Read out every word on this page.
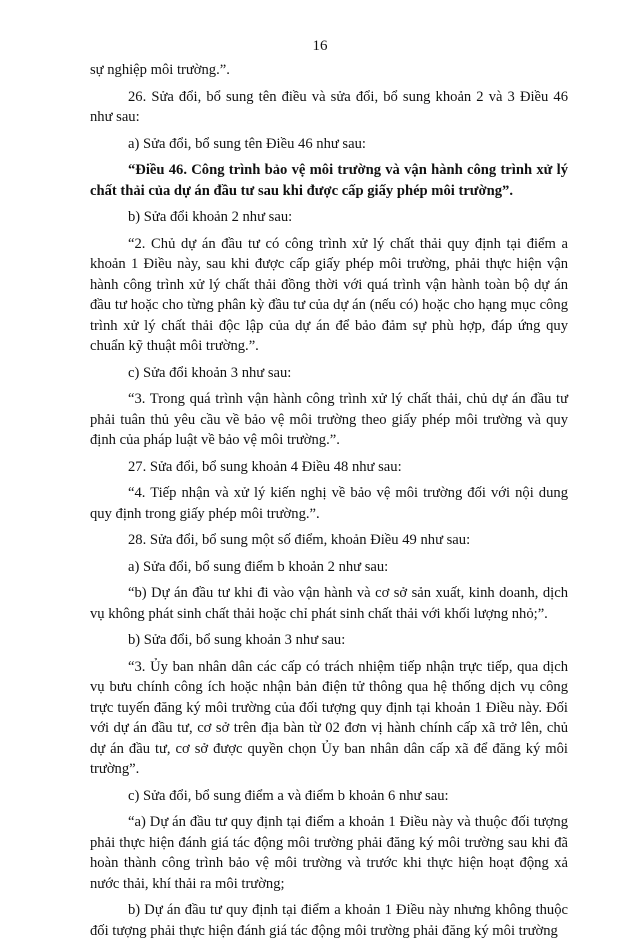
16

sự nghiệp môi trường.”.

26. Sửa đổi, bổ sung tên điều và sửa đổi, bổ sung khoản 2 và 3 Điều 46 như sau:

a) Sửa đổi, bổ sung tên Điều 46 như sau:

“Điều 46. Công trình bảo vệ môi trường và vận hành công trình xử lý chất thải của dự án đầu tư sau khi được cấp giấy phép môi trường”.

b) Sửa đổi khoản 2 như sau:

“2. Chủ dự án đầu tư có công trình xử lý chất thải quy định tại điểm a khoản 1 Điều này, sau khi được cấp giấy phép môi trường, phải thực hiện vận hành công trình xử lý chất thải đồng thời với quá trình vận hành toàn bộ dự án đầu tư hoặc cho từng phân kỳ đầu tư của dự án (nếu có) hoặc cho hạng mục công trình xử lý chất thải độc lập của dự án để bảo đảm sự phù hợp, đáp ứng quy chuẩn kỹ thuật môi trường.”.

c) Sửa đổi khoản 3 như sau:

“3. Trong quá trình vận hành công trình xử lý chất thải, chủ dự án đầu tư phải tuân thủ yêu cầu về bảo vệ môi trường theo giấy phép môi trường và quy định của pháp luật về bảo vệ môi trường.”.

27. Sửa đổi, bổ sung khoản 4 Điều 48 như sau:

“4. Tiếp nhận và xử lý kiến nghị về bảo vệ môi trường đối với nội dung quy định trong giấy phép môi trường.”.

28. Sửa đổi, bổ sung một số điểm, khoản Điều 49 như sau:

a) Sửa đổi, bổ sung điểm b khoản 2 như sau:

“b) Dự án đầu tư khi đi vào vận hành và cơ sở sản xuất, kinh doanh, dịch vụ không phát sinh chất thải hoặc chỉ phát sinh chất thải với khối lượng nhỏ;”.

b) Sửa đổi, bổ sung khoản 3 như sau:

“3. Ủy ban nhân dân các cấp có trách nhiệm tiếp nhận trực tiếp, qua dịch vụ bưu chính công ích hoặc nhận bản điện tử thông qua hệ thống dịch vụ công trực tuyến đăng ký môi trường của đối tượng quy định tại khoản 1 Điều này. Đối với dự án đầu tư, cơ sở trên địa bàn từ 02 đơn vị hành chính cấp xã trở lên, chủ dự án đầu tư, cơ sở được quyền chọn Ủy ban nhân dân cấp xã để đăng ký môi trường”.

c) Sửa đổi, bổ sung điểm a và điểm b khoản 6 như sau:

“a) Dự án đầu tư quy định tại điểm a khoản 1 Điều này và thuộc đối tượng phải thực hiện đánh giá tác động môi trường phải đăng ký môi trường sau khi đã hoàn thành công trình bảo vệ môi trường và trước khi thực hiện hoạt động xả nước thải, khí thải ra môi trường;

b) Dự án đầu tư quy định tại điểm a khoản 1 Điều này nhưng không thuộc đối tượng phải thực hiện đánh giá tác động môi trường phải đăng ký môi trường
